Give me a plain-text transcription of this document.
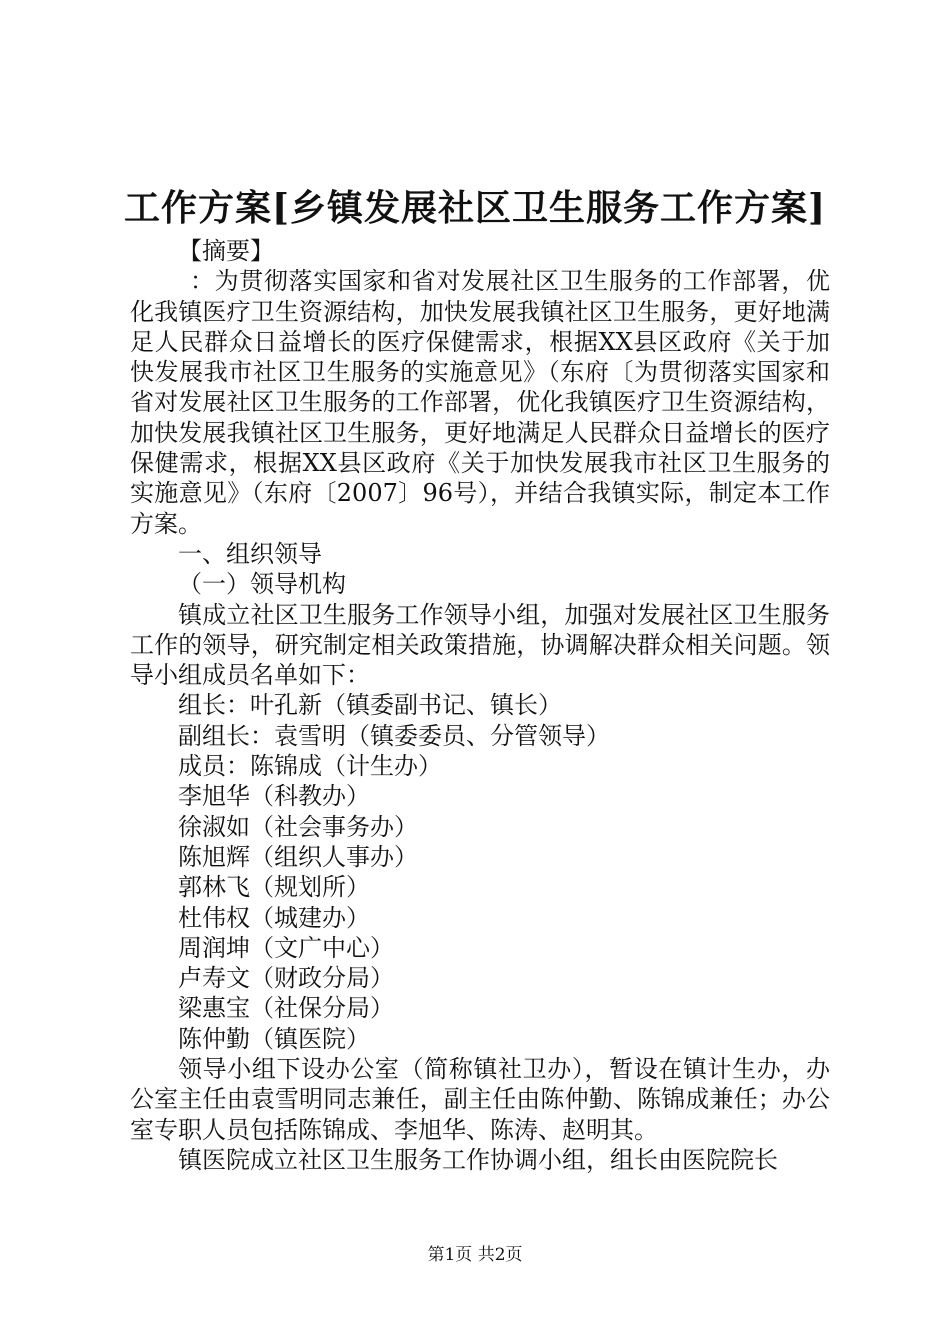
工作方案[乡镇发展社区卫生服务工作方案]

【摘要】

：为贯彻落实国家和省对发展社区卫生服务的工作部署，优化我镇医疗卫生资源结构，加快发展我镇社区卫生服务，更好地满足人民群众日益增长的医疗保健需求，根据XX县区政府《关于加快发展我市社区卫生服务的实施意见》（东府〔为贯彻落实国家和省对发展社区卫生服务的工作部署，优化我镇医疗卫生资源结构，加快发展我镇社区卫生服务，更好地满足人民群众日益增长的医疗保健需求，根据XX县区政府《关于加快发展我市社区卫生服务的实施意见》（东府〔2007〕96号），并结合我镇实际，制定本工作方案。

一、组织领导

（一）领导机构

镇成立社区卫生服务工作领导小组，加强对发展社区卫生服务工作的领导，研究制定相关政策措施，协调解决群众相关问题。领导小组成员名单如下：

组长：叶孔新（镇委副书记、镇长）

副组长：袁雪明（镇委委员、分管领导）

成员：陈锦成（计生办）

李旭华（科教办）

徐淑如（社会事务办）

陈旭辉（组织人事办）

郭林飞（规划所）

杜伟权（城建办）

周润坤（文广中心）

卢寿文（财政分局）

梁惠宝（社保分局）

陈仲勤（镇医院）

领导小组下设办公室（简称镇社卫办），暂设在镇计生办，办公室主任由袁雪明同志兼任，副主任由陈仲勤、陈锦成兼任；办公室专职人员包括陈锦成、李旭华、陈涛、赵明其。

镇医院成立社区卫生服务工作协调小组，组长由医院院长

第1页 共2页
